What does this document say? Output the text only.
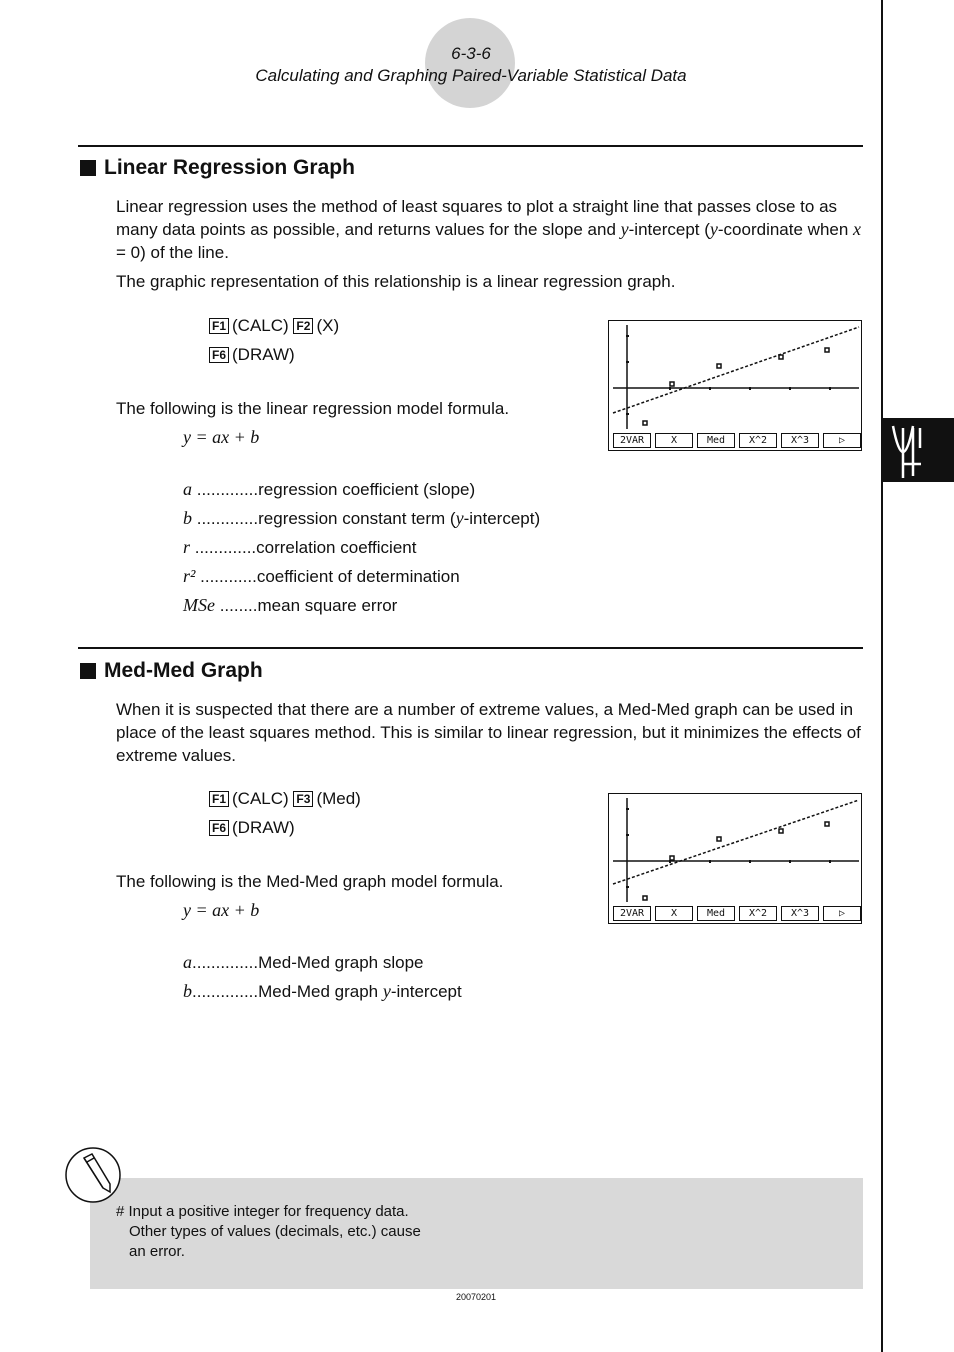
6-3-6
Calculating and Graphing Paired-Variable Statistical Data
Linear Regression Graph
Linear regression uses the method of least squares to plot a straight line that passes close to as many data points as possible, and returns values for the slope and y-intercept (y-coordinate when x = 0) of the line.
The graphic representation of this relationship is a linear regression graph.
F1 (CALC) F2 (X)
F6 (DRAW)
2VAR	X	Med	X^2	X^3	▷
The following is the linear regression model formula.
y = ax + b
a .............regression coefficient (slope)
b .............regression constant term (y-intercept)
r .............correlation coefficient
r² ............coefficient of determination
MSe ........mean square error
Med-Med Graph
When it is suspected that there are a number of extreme values, a Med-Med graph can be used in place of the least squares method. This is similar to linear regression, but it minimizes the effects of extreme values.
F1 (CALC) F3 (Med)
F6 (DRAW)
2VAR	X	Med	X^2	X^3	▷
The following is the Med-Med graph model formula.
y = ax + b
a..............Med-Med graph slope
b..............Med-Med graph y-intercept
# Input a positive integer for frequency data.
Other types of values (decimals, etc.) cause
an error.
20070201
